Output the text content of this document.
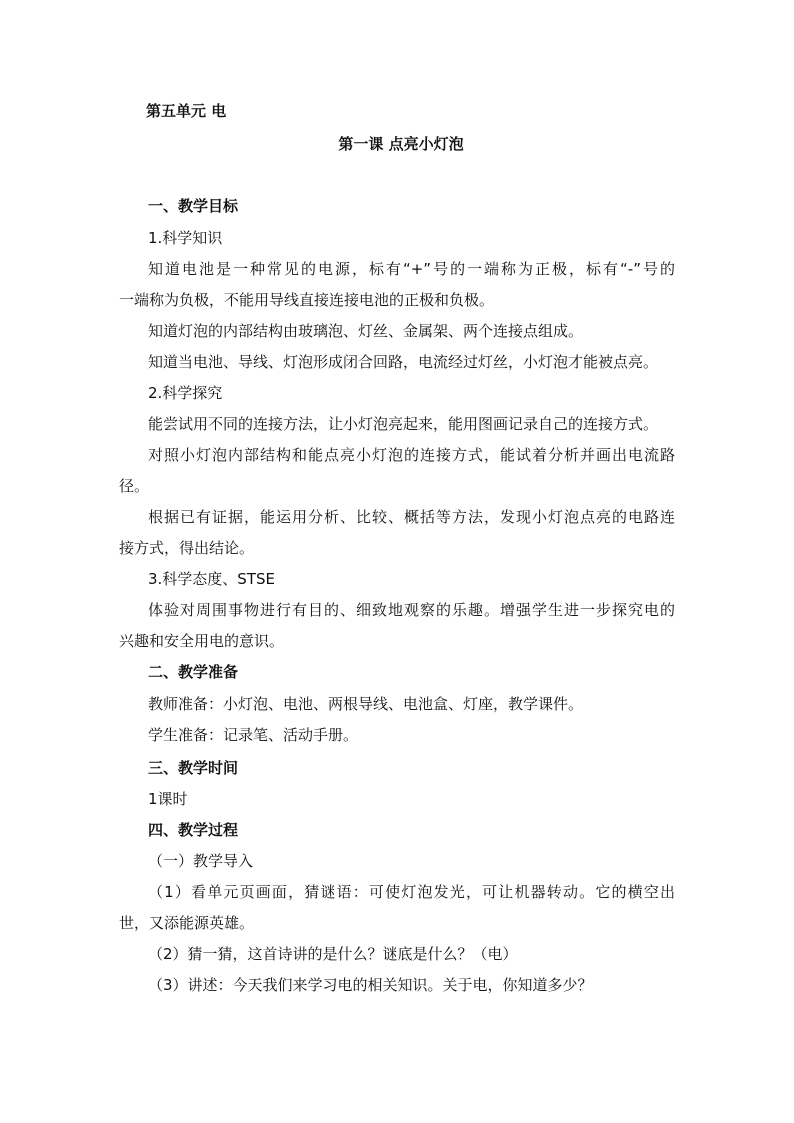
第五单元 电
第一课 点亮小灯泡
一、教学目标
1.科学知识
知道电池是一种常见的电源，标有“+”号的一端称为正极，标有“-”号的
一端称为负极，不能用导线直接连接电池的正极和负极。
知道灯泡的内部结构由玻璃泡、灯丝、金属架、两个连接点组成。
知道当电池、导线、灯泡形成闭合回路，电流经过灯丝，小灯泡才能被点亮。
2.科学探究
能尝试用不同的连接方法，让小灯泡亮起来，能用图画记录自己的连接方式。
对照小灯泡内部结构和能点亮小灯泡的连接方式，能试着分析并画出电流路
径。
根据已有证据，能运用分析、比较、概括等方法，发现小灯泡点亮的电路连
接方式，得出结论。
3.科学态度、STSE
体验对周围事物进行有目的、细致地观察的乐趣。增强学生进一步探究电的
兴趣和安全用电的意识。
二、教学准备
教师准备：小灯泡、电池、两根导线、电池盒、灯座，教学课件。
学生准备：记录笔、活动手册。
三、教学时间
1课时
四、教学过程
（一）教学导入
（1）看单元页画面，猜谜语：可使灯泡发光，可让机器转动。它的横空出
世，又添能源英雄。
（2）猜一猜，这首诗讲的是什么？谜底是什么？（电）
（3）讲述：今天我们来学习电的相关知识。关于电，你知道多少？
